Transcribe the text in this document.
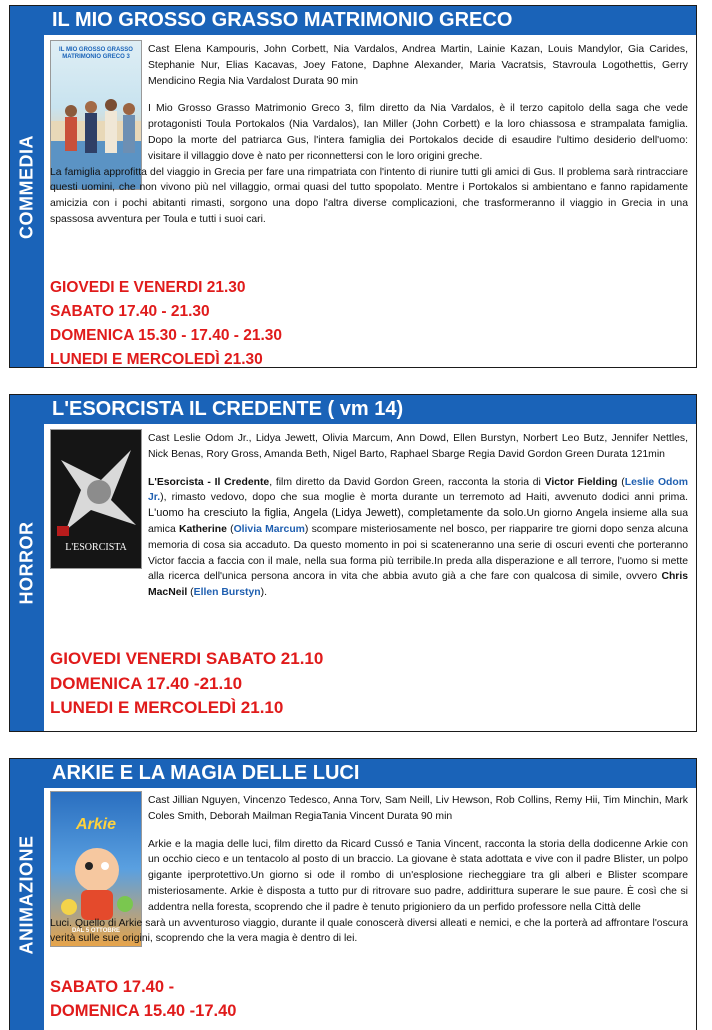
COMMEDIA
IL MIO GROSSO GRASSO MATRIMONIO GRECO
IL MIO GROSSO GRASSO MATRIMONIO GRECO 3

Cast Elena Kampouris, John Corbett, Nia Vardalos, Andrea Martin, Lainie Kazan, Louis Mandylor, Gia Carides, Stephanie Nur, Elias Kacavas, Joey Fatone, Daphne Alexander, Maria Vacratsis, Stavroula Logothettis, Gerry Mendicino Regia Nia Vardalost Durata 90 min

I Mio Grosso Grasso Matrimonio Greco 3, film diretto da Nia Vardalos, è il terzo capitolo della saga che vede protagonisti Toula Portokalos (Nia Vardalos), Ian Miller (John Corbett) e la loro chiassosa e strampalata famiglia. Dopo la morte del patriarca Gus, l'intera famiglia dei Portokalos decide di esaudire l'ultimo desiderio dell'uomo: visitare il villaggio dove è nato per riconnettersi con le loro origini greche.

La famiglia approfitta del viaggio in Grecia per fare una rimpatriata con l'intento di riunire tutti gli amici di Gus. Il problema sarà rintracciare questi uomini, che non vivono più nel villaggio, ormai quasi del tutto spopolato. Mentre i Portokalos si ambientano e fanno rapidamente amicizia con i pochi abitanti rimasti, sorgono una dopo l'altra diverse complicazioni, che trasformeranno il viaggio in Grecia in una spassosa avventura per Toula e tutti i suoi cari.

GIOVEDI E VENERDI 21.30
SABATO 17.40 - 21.30
DOMENICA 15.30 - 17.40 - 21.30
LUNEDI E MERCOLEDÌ 21.30
HORROR
L'ESORCISTA IL CREDENTE ( vm 14)
L'ESORCISTA

Cast Leslie Odom Jr., Lidya Jewett, Olivia Marcum, Ann Dowd, Ellen Burstyn, Norbert Leo Butz, Jennifer Nettles, Nick Benas, Rory Gross, Amanda Beth, Nigel Barto, Raphael Sbarge Regia David Gordon Green Durata 121min

L'Esorcista - Il Credente, film diretto da David Gordon Green, racconta la storia di Victor Fielding (Leslie Odom Jr.), rimasto vedovo, dopo che sua moglie è morta durante un terremoto ad Haiti, avvenuto dodici anni prima. L'uomo ha cresciuto la figlia, Angela (Lidya Jewett), completamente da solo.Un giorno Angela insieme alla sua amica Katherine (Olivia Marcum) scompare misteriosamente nel bosco, per riapparire tre giorni dopo senza alcuna memoria di cosa sia accaduto. Da questo momento in poi si scateneranno una serie di oscuri eventi che porteranno Victor faccia a faccia con il male, nella sua forma più terribile.In preda alla disperazione e all terrore, l'uomo si mette alla ricerca dell'unica persona ancora in vita che abbia avuto già a che fare con qualcosa di simile, ovvero Chris MacNeil (Ellen Burstyn).

GIOVEDI VENERDI SABATO 21.10
DOMENICA 17.40 -21.10
LUNEDI E MERCOLEDÌ 21.10
ANIMAZIONE
ARKIE E LA MAGIA DELLE LUCI
Arkie
DAL 5 OTTOBRE

Cast Jillian Nguyen, Vincenzo Tedesco, Anna Torv, Sam Neill, Liv Hewson, Rob Collins, Remy Hii, Tim Minchin, Mark Coles Smith, Deborah Mailman RegiaTania Vincent Durata 90 min

Arkie e la magia delle luci, film diretto da Ricard Cussó e Tania Vincent, racconta la storia della dodicenne Arkie con un occhio cieco e un tentacolo al posto di un braccio. La giovane è stata adottata e vive con il padre Blister, un polpo gigante iperprotettivo.Un giorno si ode il rombo di un'esplosione riecheggiare tra gli alberi e Blister scompare misteriosamente. Arkie è disposta a tutto pur di ritrovare suo padre, addirittura superare le sue paure. È così che si addentra nella foresta, scoprendo che il padre è tenuto prigioniero da un perfido professore nella Città delle

Luci. Quello di Arkie sarà un avventuroso viaggio, durante il quale conoscerà diversi alleati e nemici, e che la porterà ad affrontare l'oscura verità sulle sue origini, scoprendo che la vera magia è dentro di lei.

SABATO 17.40 -
DOMENICA 15.40 -17.40
